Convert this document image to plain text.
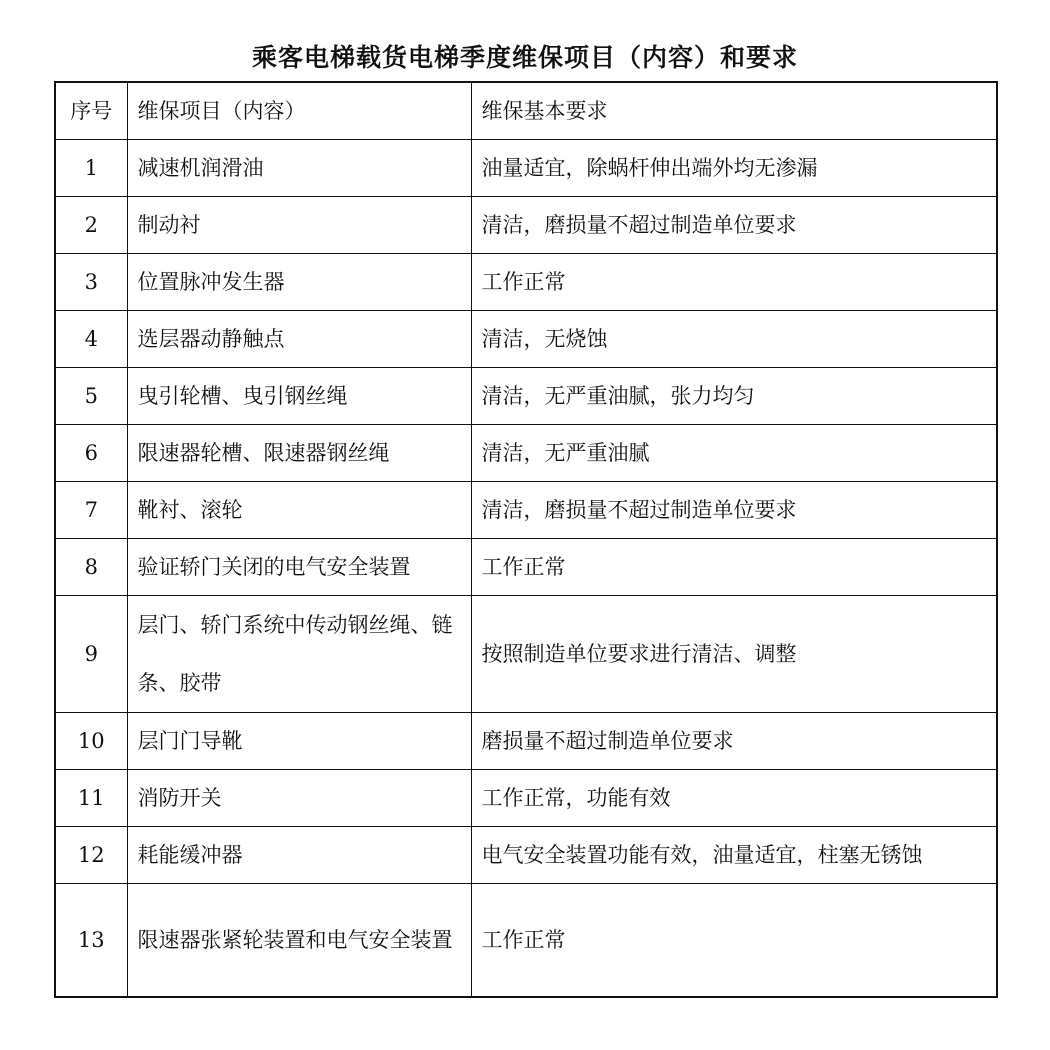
乘客电梯载货电梯季度维保项目（内容）和要求
序号	维保项目（内容）	维保基本要求
1	减速机润滑油	油量适宜，除蜗杆伸出端外均无渗漏
2	制动衬	清洁，磨损量不超过制造单位要求
3	位置脉冲发生器	工作正常
4	选层器动静触点	清洁，无烧蚀
5	曳引轮槽、曳引钢丝绳	清洁，无严重油腻，张力均匀
6	限速器轮槽、限速器钢丝绳	清洁，无严重油腻
7	靴衬、滚轮	清洁，磨损量不超过制造单位要求
8	验证轿门关闭的电气安全装置	工作正常
9	层门、轿门系统中传动钢丝绳、链条、胶带	按照制造单位要求进行清洁、调整
10	层门门导靴	磨损量不超过制造单位要求
11	消防开关	工作正常，功能有效
12	耗能缓冲器	电气安全装置功能有效，油量适宜，柱塞无锈蚀
13	限速器张紧轮装置和电气安全装置	工作正常
